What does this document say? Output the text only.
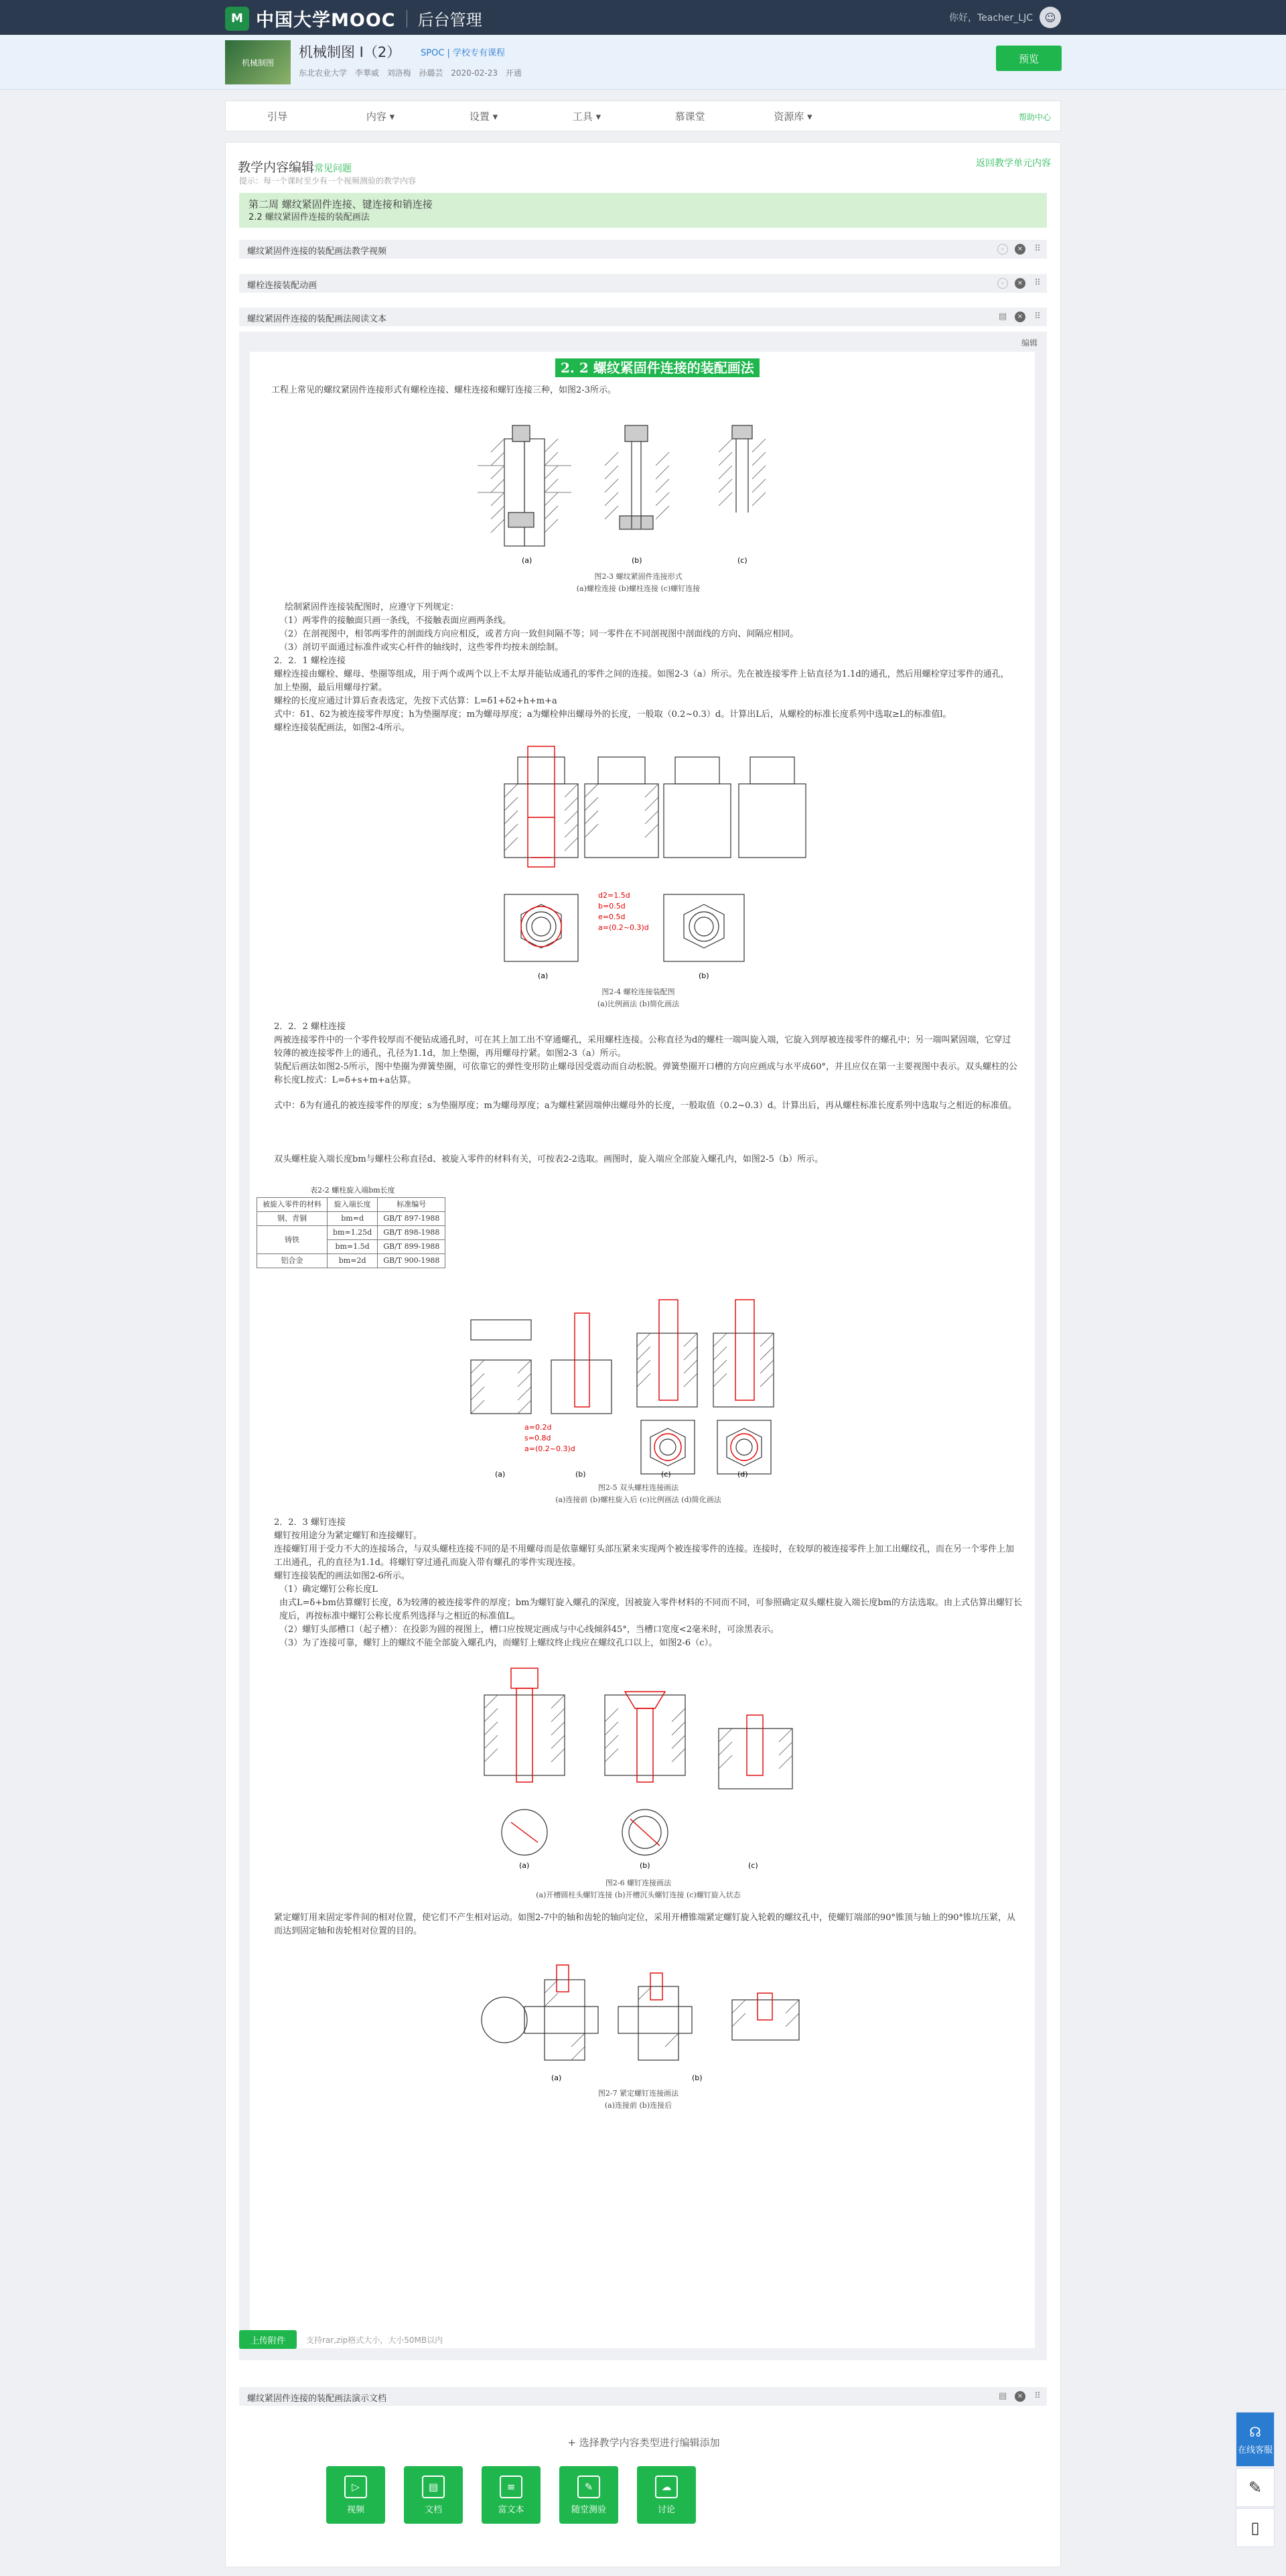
M 中国大学MOOC 后台管理	你好，Teacher_LJC	☺
机械制图
机械制图 I（2） SPOC | 学校专有课程
东北农业大学 李華威 刘洛梅 孙璐芸 2020-02-23 开通
预览
引导	内容 ▾	设置 ▾	工具 ▾	慕课堂	资源库 ▾	帮助中心
教学内容编辑常见问题
提示：每一个课时至少有一个视频测验的教学内容
返回教学单元内容
第二周 螺纹紧固件连接、键连接和销连接
2.2 螺纹紧固件连接的装配画法
螺纹紧固件连接的装配画法教学视频	◦	× ⠿
螺栓连接装配动画	◦	× ⠿
螺纹紧固件连接的装配画法阅读文本	▤	× ⠿
编辑
2. 2 螺纹紧固件连接的装配画法
工程上常见的螺纹紧固件连接形式有螺栓连接、螺柱连接和螺钉连接三种，如图2-3所示。
(a)	(b)	(c)
图2-3 螺纹紧固件连接形式
(a)螺栓连接 (b)螺柱连接 (c)螺钉连接
绘制紧固件连接装配图时，应遵守下列规定：
（1）两零件的接触面只画一条线，不接触表面应画两条线。
（2）在剖视图中，相邻两零件的剖面线方向应相反，或者方向一致但间隔不等；同一零件在不同剖视图中剖面线的方向、间隔应相同。
（3）剖切平面通过标准件或实心杆件的轴线时，这些零件均按未剖绘制。
2．2．1 螺栓连接
螺栓连接由螺栓、螺母、垫圈等组成，用于两个或两个以上不太厚并能钻成通孔的零件之间的连接。如图2-3（a）所示。先在被连接零件上钻直径为1.1d的通孔，然后用螺栓穿过零件的通孔，加上垫圈，最后用螺母拧紧。
螺栓的长度应通过计算后查表选定，先按下式估算：L=δ1+δ2+h+m+a
式中：δ1、δ2为被连接零件厚度；h为垫圈厚度；m为螺母厚度；a为螺栓伸出螺母外的长度，一般取（0.2~0.3）d。计算出L后，从螺栓的标准长度系列中选取≥L的标准值l。
螺栓连接装配画法，如图2-4所示。
d2=1.5d
b=0.5d
e=0.5d
a=(0.2~0.3)d
(a)	(b)
图2-4 螺栓连接装配图
(a)比例画法 (b)简化画法
2．2．2 螺柱连接
两被连接零件中的一个零件较厚而不便钻成通孔时，可在其上加工出不穿通螺孔，采用螺柱连接。公称直径为d的螺柱一端叫旋入端，它旋入到厚被连接零件的螺孔中；另一端叫紧固端，它穿过较薄的被连接零件上的通孔，孔径为1.1d，加上垫圈，再用螺母拧紧。如图2-3（a）所示。
装配后画法如图2-5所示，图中垫圈为弹簧垫圈，可依靠它的弹性变形防止螺母因受震动而自动松脱。弹簧垫圈开口槽的方向应画成与水平成60°，并且应仅在第一主要视图中表示。双头螺柱的公称长度L按式：L=δ+s+m+a估算。
式中：δ为有通孔的被连接零件的厚度；s为垫圈厚度；m为螺母厚度；a为螺柱紧固端伸出螺母外的长度，一般取值（0.2~0.3）d。计算出后，再从螺柱标准长度系列中选取与之相近的标准值。
双头螺柱旋入端长度bm与螺柱公称直径d、被旋入零件的材料有关，可按表2-2选取。画图时，旋入端应全部旋入螺孔内，如图2-5（b）所示。
表2-2 螺柱旋入端bm长度
被旋入零件的材料	旋入端长度	标准编号
钢、青铜	bm=d	GB/T 897-1988
铸铁	bm=1.25d	GB/T 898-1988
	bm=1.5d	GB/T 899-1988
铝合金	bm=2d	GB/T 900-1988
a=0.2d
s=0.8d
a=(0.2~0.3)d
(a)	(b)	(c)	(d)
图2-5 双头螺柱连接画法
(a)连接前 (b)螺柱旋入后 (c)比例画法 (d)简化画法
2．2．3 螺钉连接
螺钉按用途分为紧定螺钉和连接螺钉。
连接螺钉用于受力不大的连接场合，与双头螺柱连接不同的是不用螺母而是依靠螺钉头部压紧来实现两个被连接零件的连接。连接时，在较厚的被连接零件上加工出螺纹孔，而在另一个零件上加工出通孔，孔的直径为1.1d。将螺钉穿过通孔而旋入带有螺孔的零件实现连接。
螺钉连接装配的画法如图2-6所示。
（1）确定螺钉公称长度L
由式L=δ+bm估算螺钉长度，δ为较薄的被连接零件的厚度；bm为螺钉旋入螺孔的深度，因被旋入零件材料的不同而不同，可参照确定双头螺柱旋入端长度bm的方法选取。由上式估算出螺钉长度后，再按标准中螺钉公称长度系列选择与之相近的标准值L。
（2）螺钉头部槽口（起子槽）：在投影为圆的视图上，槽口应按规定画成与中心线倾斜45°，当槽口宽度<2毫米时，可涂黑表示。
（3）为了连接可靠，螺钉上的螺纹不能全部旋入螺孔内，而螺钉上螺纹终止线应在螺纹孔口以上，如图2-6（c）。
(a)	(b)	(c)
图2-6 螺钉连接画法
(a)开槽圆柱头螺钉连接 (b)开槽沉头螺钉连接 (c)螺钉旋入状态
紧定螺钉用来固定零件间的相对位置，使它们不产生相对运动。如图2-7中的轴和齿轮的轴向定位，采用开槽锥端紧定螺钉旋入轮毂的螺纹孔中，使螺钉端部的90°锥顶与轴上的90°锥坑压紧，从而达到固定轴和齿轮相对位置的目的。
(a)	(b)
图2-7 紧定螺钉连接画法
(a)连接前 (b)连接后
上传附件	支持rar,zip格式大小，大小50MB以内
螺纹紧固件连接的装配画法演示文档	▤	× ⠿
+ 选择教学内容类型进行编辑添加
▷
视频
▤
文档
≡
富文本
✎
随堂测验
☁
讨论
☊
在线客服
✎
▯
